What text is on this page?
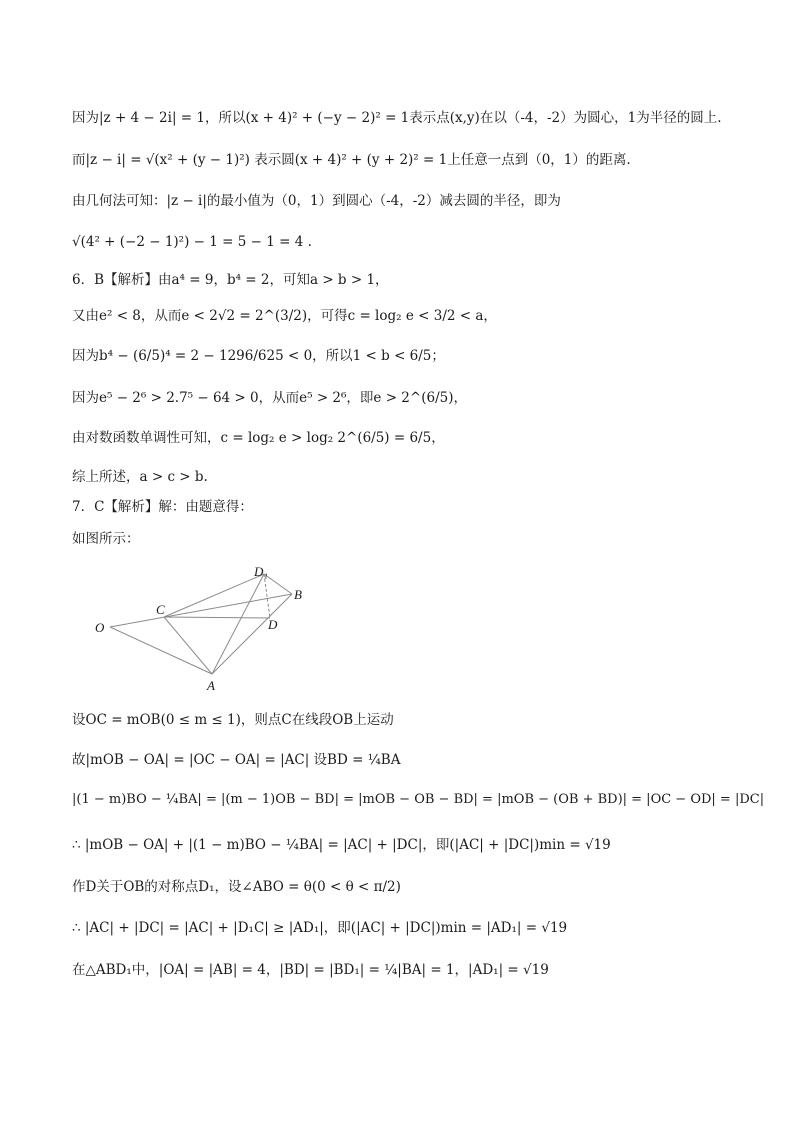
因为|z + 4 − 2i| = 1，所以(x + 4)² + (−y − 2)² = 1表示点(x,y)在以（-4，-2）为圆心，1为半径的圆上.
而|z − i| = √(x² + (y − 1)²) 表示圆(x + 4)² + (y + 2)² = 1上任意一点到（0，1）的距离.
由几何法可知：|z − i|的最小值为（0，1）到圆心（-4，-2）减去圆的半径，即为
√(4² + (−2 − 1)²) − 1 = 5 − 1 = 4 .
6．B【解析】由a⁴ = 9，b⁴ = 2，可知a > b > 1，
又由e² < 8，从而e < 2√2 = 2^(3/2)，可得c = log₂ e < 3/2 < a，
因为b⁴ − (6/5)⁴ = 2 − 1296/625 < 0，所以1 < b < 6/5；
因为e⁵ − 2⁶ > 2.7⁵ − 64 > 0，从而e⁵ > 2⁶，即e > 2^(6/5)，
由对数函数单调性可知，c = log₂ e > log₂ 2^(6/5) = 6/5，
综上所述，a > c > b.
7．C【解析】解：由题意得：
如图所示：
设OC = mOB(0 ≤ m ≤ 1)，则点C在线段OB上运动
故|mOB − OA| = |OC − OA| = |AC| 设BD = ¼BA
|(1 − m)BO − ¼BA| = |(m − 1)OB − BD| = |mOB − OB − BD| = |mOB − (OB + BD)| = |OC − OD| = |DC|
∴ |mOB − OA| + |(1 − m)BO − ¼BA| = |AC| + |DC|，即(|AC| + |DC|)min = √19
作D关于OB的对称点D₁，设∠ABO = θ(0 < θ < π/2)
∴ |AC| + |DC| = |AC| + |D₁C| ≥ |AD₁|，即(|AC| + |DC|)min = |AD₁| = √19
在△ABD₁中，|OA| = |AB| = 4，|BD| = |BD₁| = ¼|BA| = 1，|AD₁| = √19
O
C
D₁
B
D
A
